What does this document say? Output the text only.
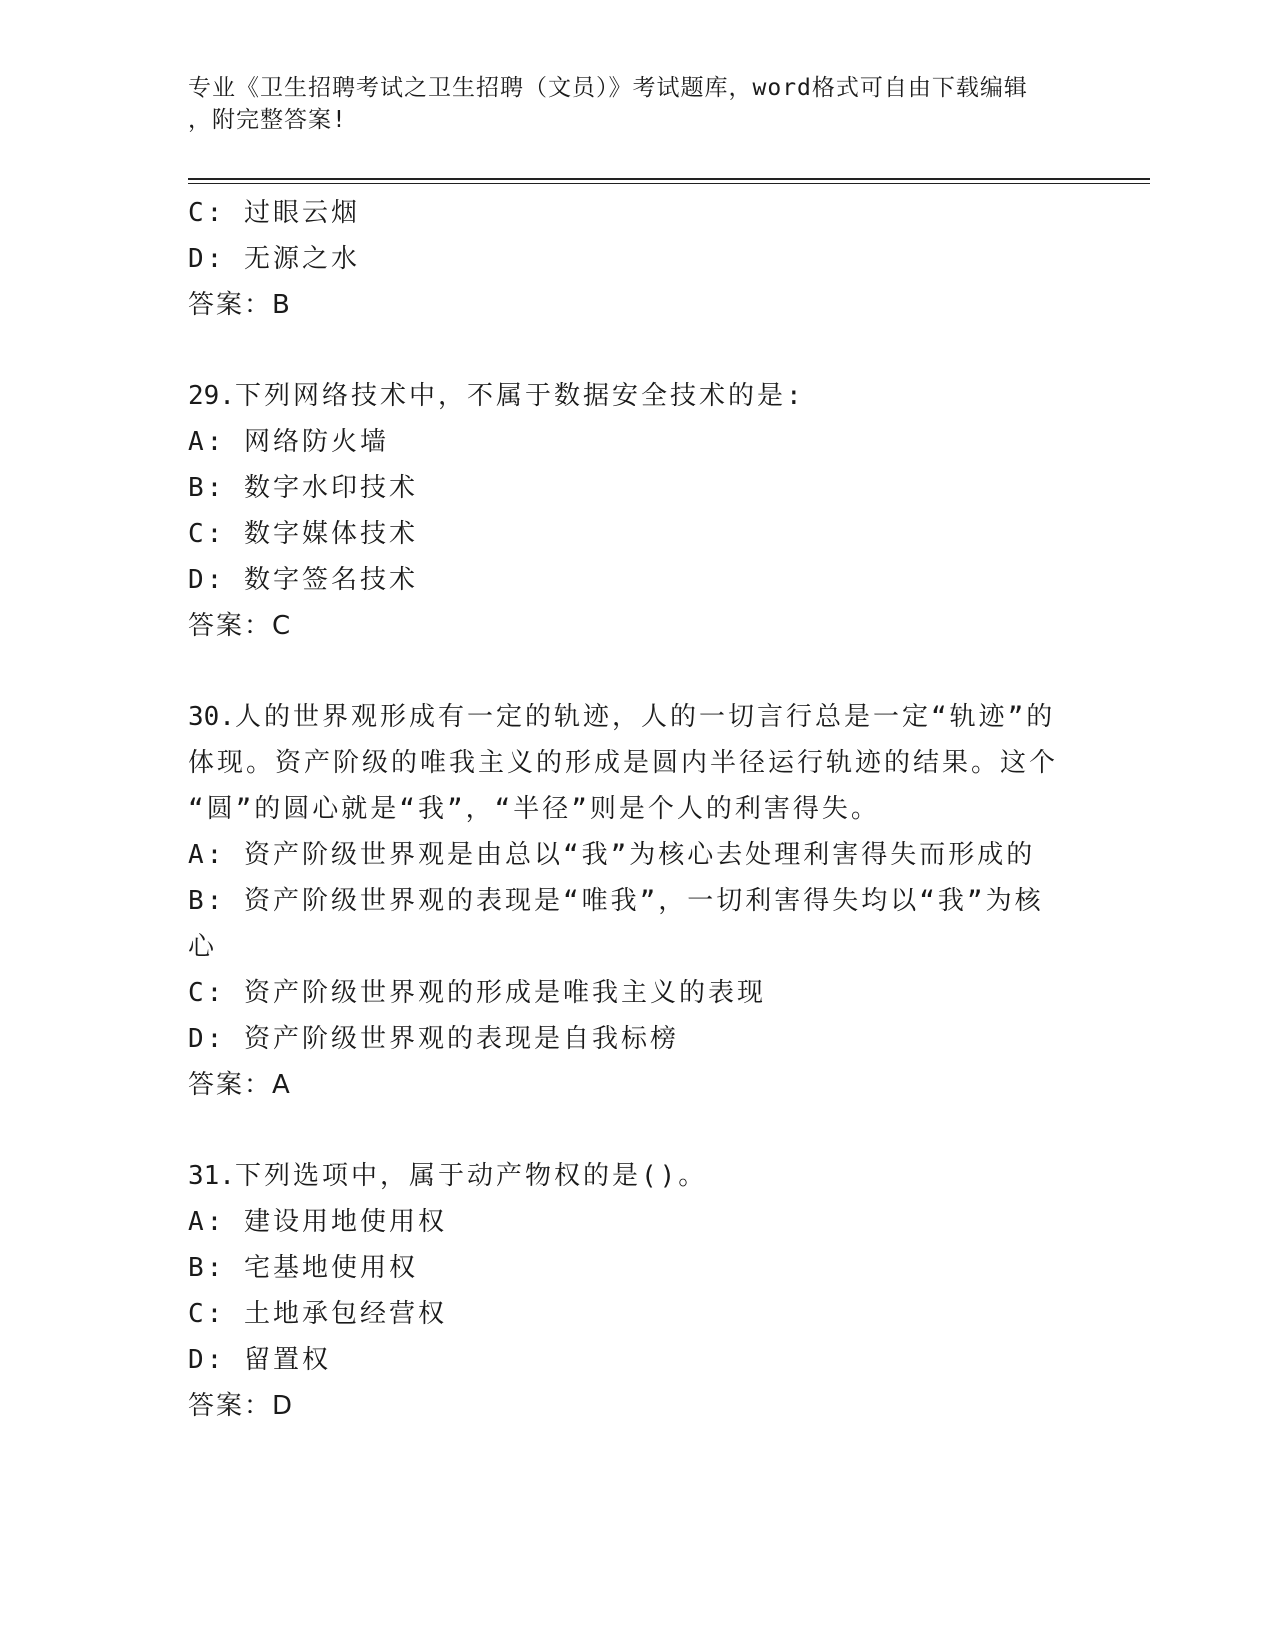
专业《卫生招聘考试之卫生招聘（文员）》考试题库，word格式可自由下载编辑
，附完整答案!
C: 过眼云烟
D: 无源之水
答案：B
29.下列网络技术中，不属于数据安全技术的是:
A: 网络防火墙
B: 数字水印技术
C: 数字媒体技术
D: 数字签名技术
答案：C
30.人的世界观形成有一定的轨迹，人的一切言行总是一定“轨迹”的
体现。资产阶级的唯我主义的形成是圆内半径运行轨迹的结果。这个
“圆”的圆心就是“我”，“半径”则是个人的利害得失。
A: 资产阶级世界观是由总以“我”为核心去处理利害得失而形成的
B: 资产阶级世界观的表现是“唯我”，一切利害得失均以“我”为核
心
C: 资产阶级世界观的形成是唯我主义的表现
D: 资产阶级世界观的表现是自我标榜
答案：A
31.下列选项中，属于动产物权的是()。
A: 建设用地使用权
B: 宅基地使用权
C: 土地承包经营权
D: 留置权
答案：D
